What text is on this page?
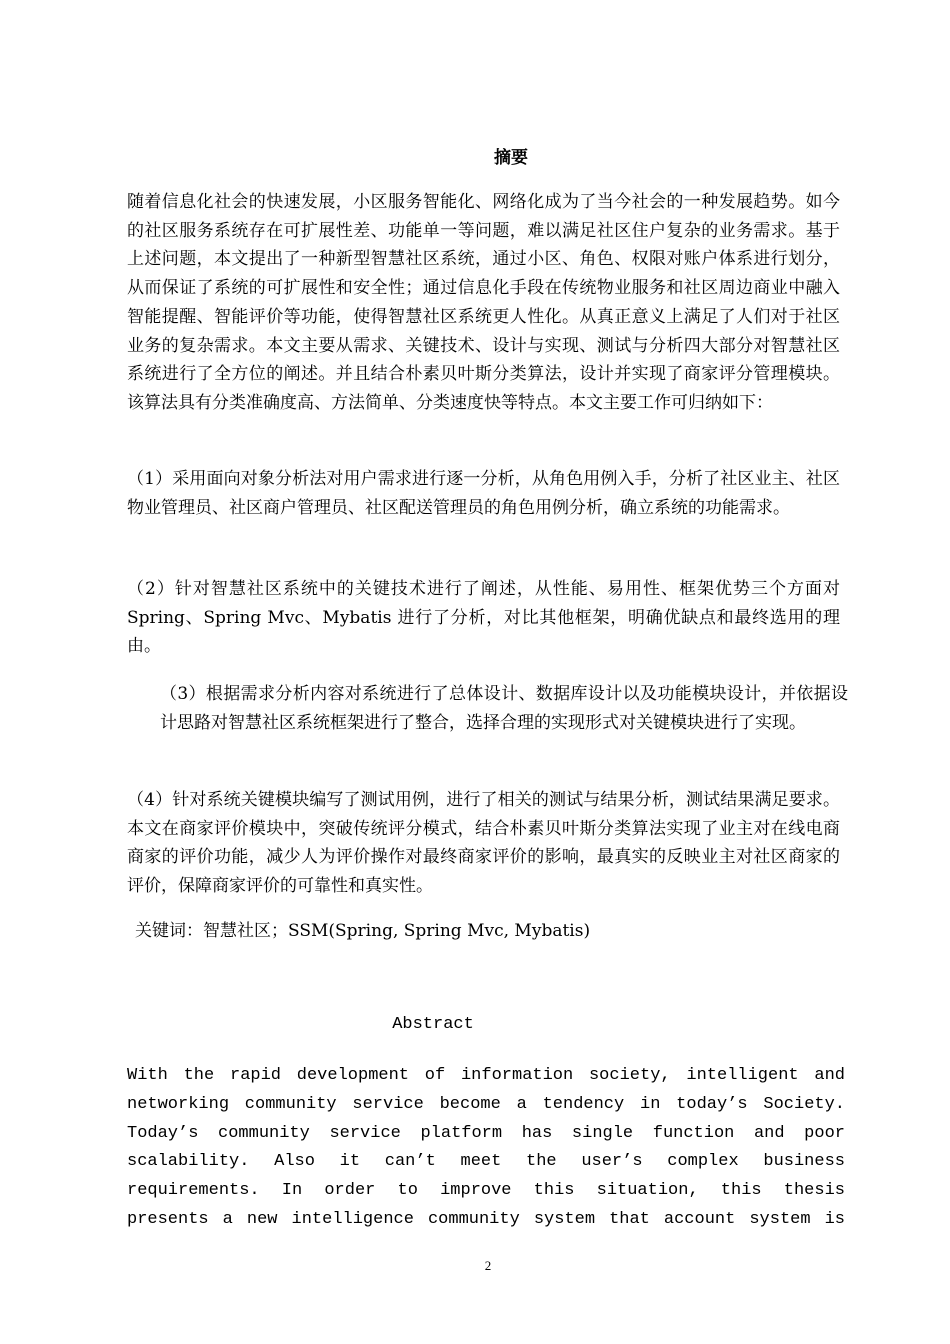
摘要

随着信息化社会的快速发展，小区服务智能化、网络化成为了当今社会的一种发展趋势。如今的社区服务系统存在可扩展性差、功能单一等问题，难以满足社区住户复杂的业务需求。基于上述问题，本文提出了一种新型智慧社区系统，通过小区、角色、权限对账户体系进行划分，从而保证了系统的可扩展性和安全性；通过信息化手段在传统物业服务和社区周边商业中融入智能提醒、智能评价等功能，使得智慧社区系统更人性化。从真正意义上满足了人们对于社区业务的复杂需求。本文主要从需求、关键技术、设计与实现、测试与分析四大部分对智慧社区系统进行了全方位的阐述。并且结合朴素贝叶斯分类算法，设计并实现了商家评分管理模块。该算法具有分类准确度高、方法简单、分类速度快等特点。本文主要工作可归纳如下：

（1）采用面向对象分析法对用户需求进行逐一分析，从角色用例入手，分析了社区业主、社区物业管理员、社区商户管理员、社区配送管理员的角色用例分析，确立系统的功能需求。

（2）针对智慧社区系统中的关键技术进行了阐述，从性能、易用性、框架优势三个方面对 Spring、Spring Mvc、Mybatis 进行了分析，对比其他框架，明确优缺点和最终选用的理由。

（3）根据需求分析内容对系统进行了总体设计、数据库设计以及功能模块设计，并依据设计思路对智慧社区系统框架进行了整合，选择合理的实现形式对关键模块进行了实现。

（4）针对系统关键模块编写了测试用例，进行了相关的测试与结果分析，测试结果满足要求。 本文在商家评价模块中，突破传统评分模式，结合朴素贝叶斯分类算法实现了业主对在线电商商家的评价功能，减少人为评价操作对最终商家评价的影响，最真实的反映业主对社区商家的评价，保障商家评价的可靠性和真实性。

关键词：智慧社区；SSM(Spring, Spring Mvc, Mybatis)

Abstract
With the rapid development of information society, intelligent and
networking community service become a tendency in today’s Society.
Today’s community service platform has single function and poor
scalability. Also it can’t meet the user’s complex business
requirements. In order to improve this situation, this thesis
presents a new intelligence community system that account system is
2
